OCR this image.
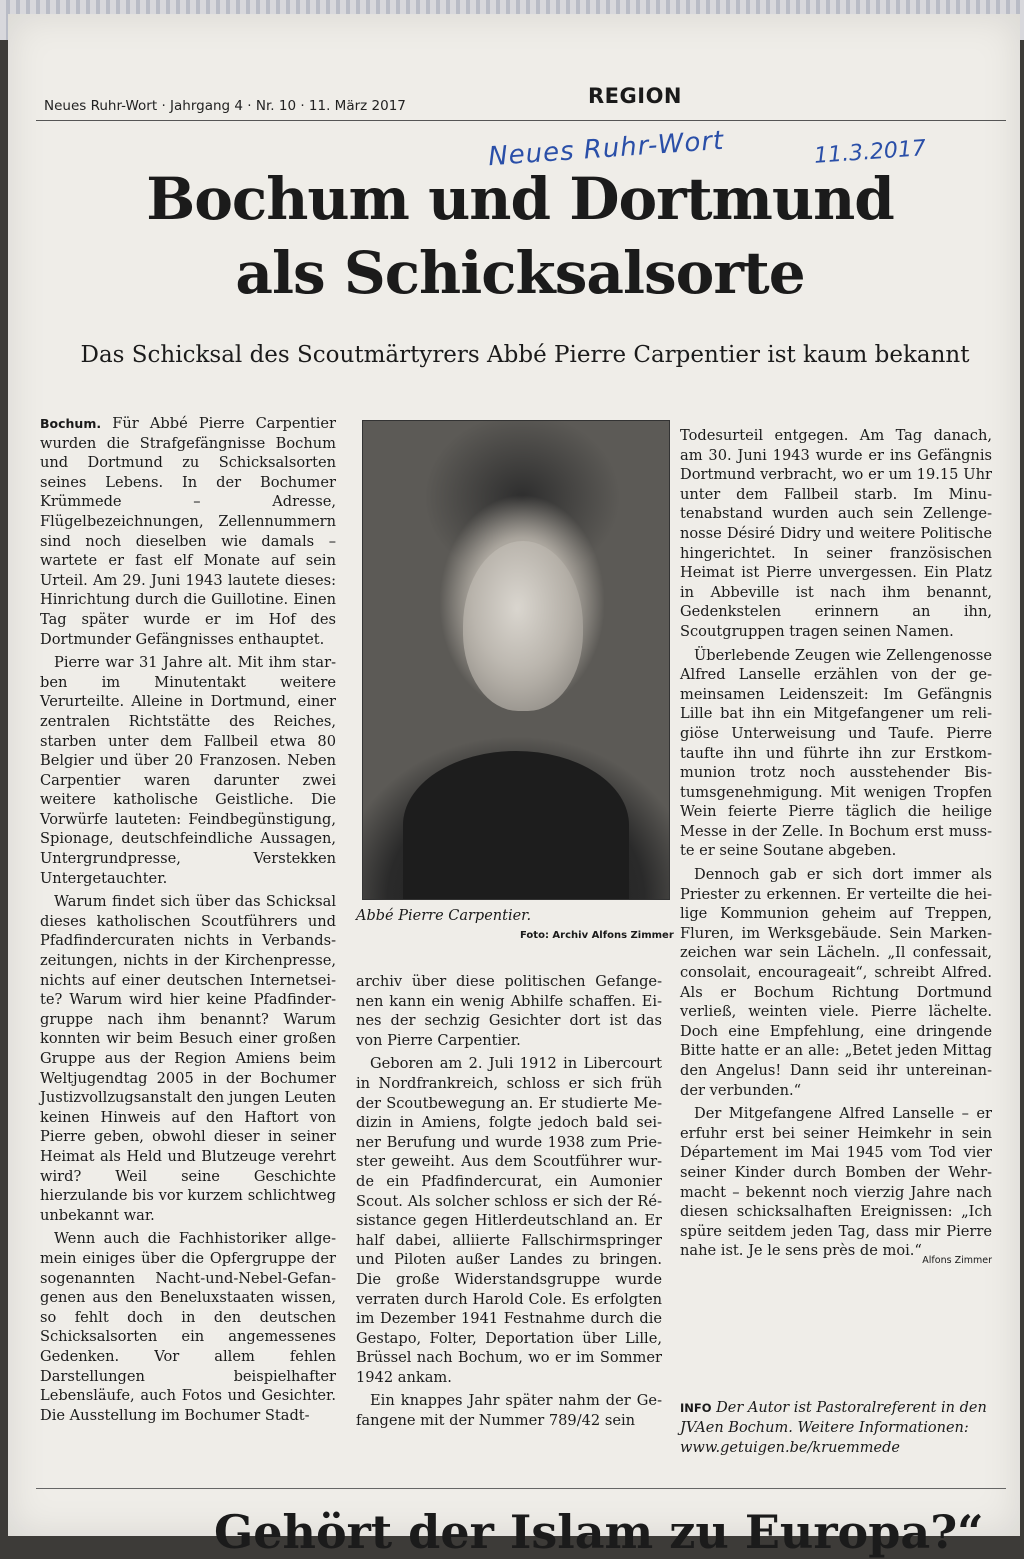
Neues Ruhr-Wort · Jahrgang 4 · Nr. 10 · 11. März 2017	REGION
Neues Ruhr-Wort	11.3.2017
Bochum und Dortmund
als Schicksalsorte
Das Schicksal des Scoutmärtyrers Abbé Pierre Carpentier ist kaum bekannt

Bochum. Für Abbé Pierre Carpentier wurden die Strafgefängnisse Bochum und Dortmund zu Schicksalsorten seines Lebens. In der Bochumer Krümmede – Adresse, Flügelbezeichnungen, Zellennummern sind noch dieselben wie damals – wartete er fast elf Monate auf sein Urteil. Am 29. Juni 1943 lautete dieses: Hinrichtung durch die Guillotine. Einen Tag später wurde er im Hof des Dortmunder Gefängnisses enthauptet.

Pierre war 31 Jahre alt. Mit ihm starben im Minutentakt weitere Verurteilte. Alleine in Dortmund, einer zentralen Richtstätte des Reiches, starben unter dem Fallbeil etwa 80 Belgier und über 20 Franzosen. Neben Carpentier waren darunter zwei weitere katholische Geistliche. Die Vorwürfe lauteten: Feindbegünstigung, Spionage, deutschfeindliche Aussagen, Untergrundpresse, Verstekken Untergetauchter.

Warum findet sich über das Schicksal dieses katholischen Scoutführers und Pfadfindercuraten nichts in Verbandszeitungen, nichts in der Kirchenpresse, nichts auf einer deutschen Internetseite? Warum wird hier keine Pfadfindergruppe nach ihm benannt? Warum konnten wir beim Besuch einer großen Gruppe aus der Region Amiens beim Weltjugendtag 2005 in der Bochumer Justizvollzugsanstalt den jungen Leuten keinen Hinweis auf den Haftort von Pierre geben, obwohl dieser in seiner Heimat als Held und Blutzeuge verehrt wird? Weil seine Geschichte hierzulande bis vor kurzem schlichtweg unbekannt war.

Wenn auch die Fachhistoriker allgemein einiges über die Opfergruppe der sogenannten Nacht-und-Nebel-Gefangenen aus den Beneluxstaaten wissen, so fehlt doch in den deutschen Schicksalsorten ein angemessenes Gedenken. Vor allem fehlen Darstellungen beispielhafter Lebensläufe, auch Fotos und Gesichter. Die Ausstellung im Bochumer Stadt-

Abbé Pierre Carpentier.
Foto: Archiv Alfons Zimmer

archiv über diese politischen Gefangenen kann ein wenig Abhilfe schaffen. Eines der sechzig Gesichter dort ist das von Pierre Carpentier.

Geboren am 2. Juli 1912 in Libercourt in Nordfrankreich, schloss er sich früh der Scoutbewegung an. Er studierte Medizin in Amiens, folgte jedoch bald seiner Berufung und wurde 1938 zum Priester geweiht. Aus dem Scoutführer wurde ein Pfadfindercurat, ein Aumonier Scout. Als solcher schloss er sich der Résistance gegen Hitlerdeutschland an. Er half dabei, alliierte Fallschirmspringer und Piloten außer Landes zu bringen. Die große Widerstandsgruppe wurde verraten durch Harold Cole. Es erfolgten im Dezember 1941 Festnahme durch die Gestapo, Folter, Deportation über Lille, Brüssel nach Bochum, wo er im Sommer 1942 ankam.

Ein knappes Jahr später nahm der Gefangene mit der Nummer 789/42 sein

Todesurteil entgegen. Am Tag danach, am 30. Juni 1943 wurde er ins Gefängnis Dortmund verbracht, wo er um 19.15 Uhr unter dem Fallbeil starb. Im Minutenabstand wurden auch sein Zellengenosse Désiré Didry und weitere Politische hingerichtet. In seiner französischen Heimat ist Pierre unvergessen. Ein Platz in Abbeville ist nach ihm benannt, Gedenkstelen erinnern an ihn, Scoutgruppen tragen seinen Namen.

Überlebende Zeugen wie Zellengenosse Alfred Lanselle erzählen von der gemeinsamen Leidenszeit: Im Gefängnis Lille bat ihn ein Mitgefangener um religiöse Unterweisung und Taufe. Pierre taufte ihn und führte ihn zur Erstkommunion trotz noch ausstehender Bistumsgenehmigung. Mit wenigen Tropfen Wein feierte Pierre täglich die heilige Messe in der Zelle. In Bochum erst musste er seine Soutane abgeben.

Dennoch gab er sich dort immer als Priester zu erkennen. Er verteilte die heilige Kommunion geheim auf Treppen, Fluren, im Werksgebäude. Sein Markenzeichen war sein Lächeln. „Il confessait, consolait, encourageait“, schreibt Alfred. Als er Bochum Richtung Dortmund verließ, weinten viele. Pierre lächelte. Doch eine Empfehlung, eine dringende Bitte hatte er an alle: „Betet jeden Mittag den Angelus! Dann seid ihr untereinander verbunden.“

Der Mitgefangene Alfred Lanselle – er erfuhr erst bei seiner Heimkehr in sein Département im Mai 1945 vom Tod vier seiner Kinder durch Bomben der Wehrmacht – bekennt noch vierzig Jahre nach diesen schicksalhaften Ereignissen: „Ich spüre seitdem jeden Tag, dass mir Pierre nahe ist. Je le sens près de moi.“

Alfons Zimmer
INFO Der Autor ist Pastoralreferent in den JVAen Bochum. Weitere Informationen: www.getuigen.be/kruemmede
Gehört der Islam zu Europa?“
